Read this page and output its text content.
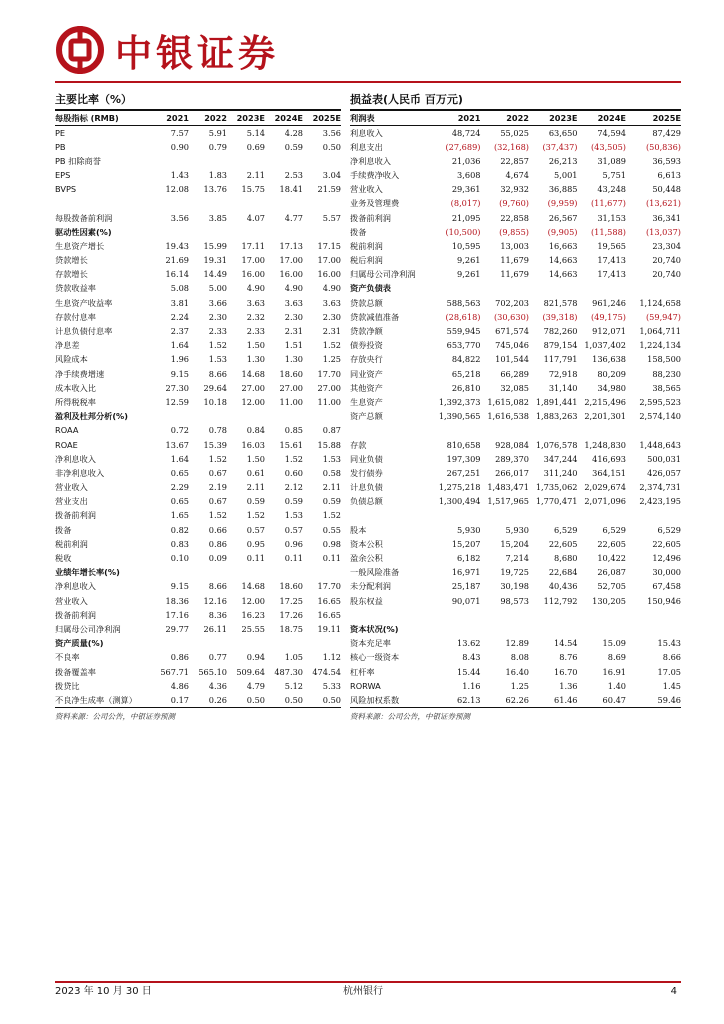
中银证券
主要比率（%）
每股指标 (RMB)	2021	2022	2023E	2024E	2025E
PE	7.57	5.91	5.14	4.28	3.56
PB	0.90	0.79	0.69	0.59	0.50
PB 扣除商誉					
EPS	1.43	1.83	2.11	2.53	3.04
BVPS	12.08	13.76	15.75	18.41	21.59

每股拨备前利润	3.56	3.85	4.07	4.77	5.57
驱动性因素(%)					
生息资产增长	19.43	15.99	17.11	17.13	17.15
贷款增长	21.69	19.31	17.00	17.00	17.00
存款增长	16.14	14.49	16.00	16.00	16.00
贷款收益率	5.08	5.00	4.90	4.90	4.90
生息资产收益率	3.81	3.66	3.63	3.63	3.63
存款付息率	2.24	2.30	2.32	2.30	2.30
计息负债付息率	2.37	2.33	2.33	2.31	2.31
净息差	1.64	1.52	1.50	1.51	1.52
风险成本	1.96	1.53	1.30	1.30	1.25
净手续费增速	9.15	8.66	14.68	18.60	17.70
成本收入比	27.30	29.64	27.00	27.00	27.00
所得税税率	12.59	10.18	12.00	11.00	11.00
盈利及杜邦分析(%)					
ROAA	0.72	0.78	0.84	0.85	0.87
ROAE	13.67	15.39	16.03	15.61	15.88
净利息收入	1.64	1.52	1.50	1.52	1.53
非净利息收入	0.65	0.67	0.61	0.60	0.58
营业收入	2.29	2.19	2.11	2.12	2.11
营业支出	0.65	0.67	0.59	0.59	0.59
拨备前利润	1.65	1.52	1.52	1.53	1.52
拨备	0.82	0.66	0.57	0.57	0.55
税前利润	0.83	0.86	0.95	0.96	0.98
税收	0.10	0.09	0.11	0.11	0.11
业绩年增长率(%)					
净利息收入	9.15	8.66	14.68	18.60	17.70
营业收入	18.36	12.16	12.00	17.25	16.65
拨备前利润	17.16	8.36	16.23	17.26	16.65
归属母公司净利润	29.77	26.11	25.55	18.75	19.11
资产质量(%)					
不良率	0.86	0.77	0.94	1.05	1.12
拨备覆盖率	567.71	565.10	509.64	487.30	474.54
拨贷比	4.86	4.36	4.79	5.12	5.33
不良净生成率（测算）	0.17	0.26	0.50	0.50	0.50
资料来源：公司公告，中银证券预测
损益表(人民币 百万元)
利润表	2021	2022	2023E	2024E	2025E
利息收入	48,724	55,025	63,650	74,594	87,429
利息支出	(27,689)	(32,168)	(37,437)	(43,505)	(50,836)
净利息收入	21,036	22,857	26,213	31,089	36,593
手续费净收入	3,608	4,674	5,001	5,751	6,613
营业收入	29,361	32,932	36,885	43,248	50,448
业务及管理费	(8,017)	(9,760)	(9,959)	(11,677)	(13,621)
拨备前利润	21,095	22,858	26,567	31,153	36,341
拨备	(10,500)	(9,855)	(9,905)	(11,588)	(13,037)
税前利润	10,595	13,003	16,663	19,565	23,304
税后利润	9,261	11,679	14,663	17,413	20,740
归属母公司净利润	9,261	11,679	14,663	17,413	20,740
资产负债表					
贷款总额	588,563	702,203	821,578	961,246	1,124,658
贷款减值准备	(28,618)	(30,630)	(39,318)	(49,175)	(59,947)
贷款净额	559,945	671,574	782,260	912,071	1,064,711
债券投资	653,770	745,046	879,154	1,037,402	1,224,134
存放央行	84,822	101,544	117,791	136,638	158,500
同业资产	65,218	66,289	72,918	80,209	88,230
其他资产	26,810	32,085	31,140	34,980	38,565
生息资产	1,392,373	1,615,082	1,891,441	2,215,496	2,595,523
资产总额	1,390,565	1,616,538	1,883,263	2,201,301	2,574,140

存款	810,658	928,084	1,076,578	1,248,830	1,448,643
同业负债	197,309	289,370	347,244	416,693	500,031
发行债券	267,251	266,017	311,240	364,151	426,057
计息负债	1,275,218	1,483,471	1,735,062	2,029,674	2,374,731
负债总额	1,300,494	1,517,965	1,770,471	2,071,096	2,423,195

股本	5,930	5,930	6,529	6,529	6,529
资本公积	15,207	15,204	22,605	22,605	22,605
盈余公积	6,182	7,214	8,680	10,422	12,496
一般风险准备	16,971	19,725	22,684	26,087	30,000
未分配利润	25,187	30,198	40,436	52,705	67,458
股东权益	90,071	98,573	112,792	130,205	150,946

资本状况(%)					
资本充足率	13.62	12.89	14.54	15.09	15.43
核心一级资本	8.43	8.08	8.76	8.69	8.66
杠杆率	15.44	16.40	16.70	16.91	17.05
RORWA	1.16	1.25	1.36	1.40	1.45
风险加权系数	62.13	62.26	61.46	60.47	59.46
资料来源：公司公告，中银证券预测
2023 年 10 月 30 日	杭州银行	4
